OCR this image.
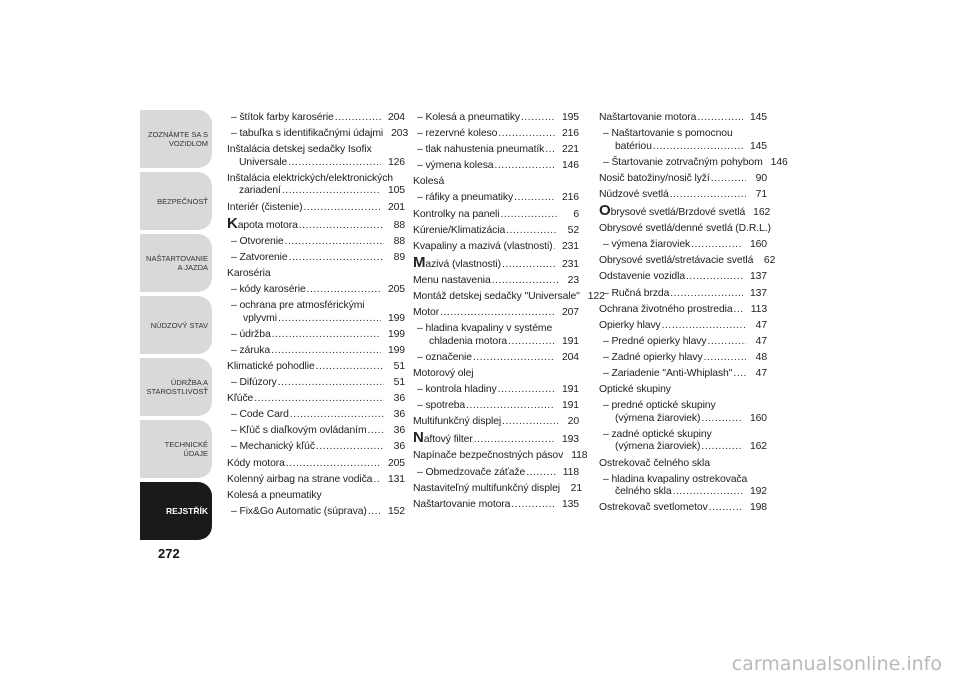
ZOZNÁMTE SA S VOZIDLOM
BEZPEČNOSŤ
NAŠTARTOVANIE A JAZDA
NÚDZOVÝ STAV
ÚDRŽBA A STAROSTLIVOSŤ
TECHNICKÉ ÚDAJE
REJSTŘÍK
272
– štítok farby karosérie .....	204
– tabuľka s identifikačnými údajmi 203
Inštalácia detskej sedačky Isofix
Universale .....	126
Inštalácia elektrických/elektronických
zariadení .....	105
Interiér (čistenie) .....	201
Kapota motora .....	88
– Otvorenie .....	88
– Zatvorenie .....	89
Karoséria
– kódy karosérie .....	205
– ochrana pre atmosférickými
vplyvmi .....	199
– údržba .....	199
– záruka .....	199
Klimatické pohodlie .....	51
– Difúzory .....	51
Kľúče .....	36
– Code Card .....	36
– Kľúč s diaľkovým ovládaním .....	36
– Mechanický kľúč .....	36
Kódy motora .....	205
Kolenný airbag na strane vodiča .....	131
Kolesá a pneumatiky
– Fix&Go Automatic (súprava) .....	152
– Kolesá a pneumatiky .....	195
– rezervné koleso .....	216
– tlak nahustenia pneumatík .....	221
– výmena kolesa .....	146
Kolesá
– ráfiky a pneumatiky .....	216
Kontrolky na paneli .....	6
Kúrenie/Klimatizácia .....	52
Kvapaliny a mazivá (vlastnosti) ..... 231
Mazivá (vlastnosti) .....	231
Menu nastavenia .....	23
Montáž detskej sedačky "Universale" 122
Motor .....	207
– hladina kvapaliny v systéme
chladenia motora .....	191
– označenie .....	204
Motorový olej
– kontrola hladiny .....	191
– spotreba .....	191
Multifunkčný displej .....	20
Naftový filter .....	193
Napínače bezpečnostných pásov 118
– Obmedzovače záťaže .....	118
Nastaviteľný multifunkčný displej	21
Naštartovanie motora .....	135
Naštartovanie motora .....	145
– Naštartovanie s pomocnou
batériou .....	145
– Štartovanie zotrvačným pohybom 146
Nosič batožiny/nosič lyží .....	90
Núdzové svetlá .....	71
Obrysové svetlá/Brzdové svetlá 162
Obrysové svetlá/denné svetlá (D.R.L.)
– výmena žiaroviek .....	160
Obrysové svetlá/stretávacie svetlá	62
Odstavenie vozidla .....	137
– Ručná brzda .....	137
Ochrana životného prostredia .....	113
Opierky hlavy .....	47
– Predné opierky hlavy .....	47
– Zadné opierky hlavy .....	48
– Zariadenie "Anti-Whiplash" .....	47
Optické skupiny
– predné optické skupiny
(výmena žiaroviek) .....	160
– zadné optické skupiny
(výmena žiaroviek) .....	162
Ostrekovač čelného skla
– hladina kvapaliny ostrekovača
čelného skla .....	192
Ostrekovač svetlometov .....	198
carmanualsonline.info
